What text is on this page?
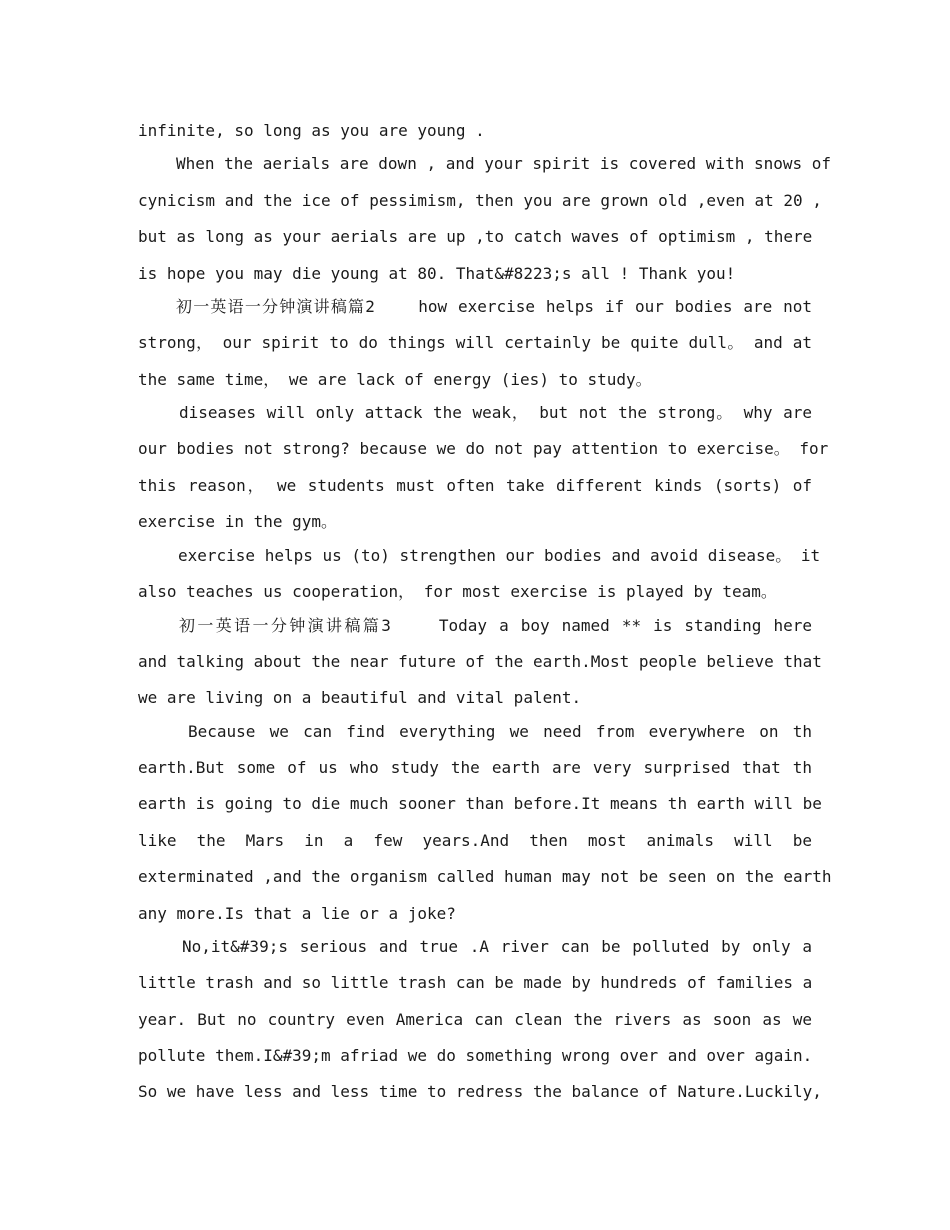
infinite, so long as you are young .
When the aerials are down , and your spirit is covered with snows of
cynicism and the ice of pessimism, then you are grown old ,even at 20 ,
but as long as your aerials are up ,to catch waves of optimism , there
is hope you may die young at 80. That&#8223;s all ! Thank you!
初一英语一分钟演讲稿篇2    how exercise helps if our bodies are not
strong， our spirit to do things will certainly be quite dull。 and at
the same time， we are lack of energy (ies) to study。
diseases will only attack the weak， but not the strong。 why are
our bodies not strong? because we do not pay attention to exercise。 for
this reason， we students must often take different kinds (sorts) of
exercise in the gym。
exercise helps us (to) strengthen our bodies and avoid disease。 it
also teaches us cooperation， for most exercise is played by team。
初一英语一分钟演讲稿篇3    Today a boy named ** is standing here
and talking about the near future of the earth.Most people believe that
we are living on a beautiful and vital palent.
Because we can find everything we need from everywhere on th
earth.But some of us who study the earth are very surprised that th
earth is going to die much sooner than before.It means th earth will be
like the Mars in a few years.And then most animals will be
exterminated ,and the organism called human may not be seen on the earth
any more.Is that a lie or a joke?
No,it&#39;s serious and true .A river can be polluted by only a
little trash and so little trash can be made by hundreds of families a
year. But no country even America can clean the rivers as soon as we
pollute them.I&#39;m afriad we do something wrong over and over again.
So we have less and less time to redress the balance of Nature.Luckily,
